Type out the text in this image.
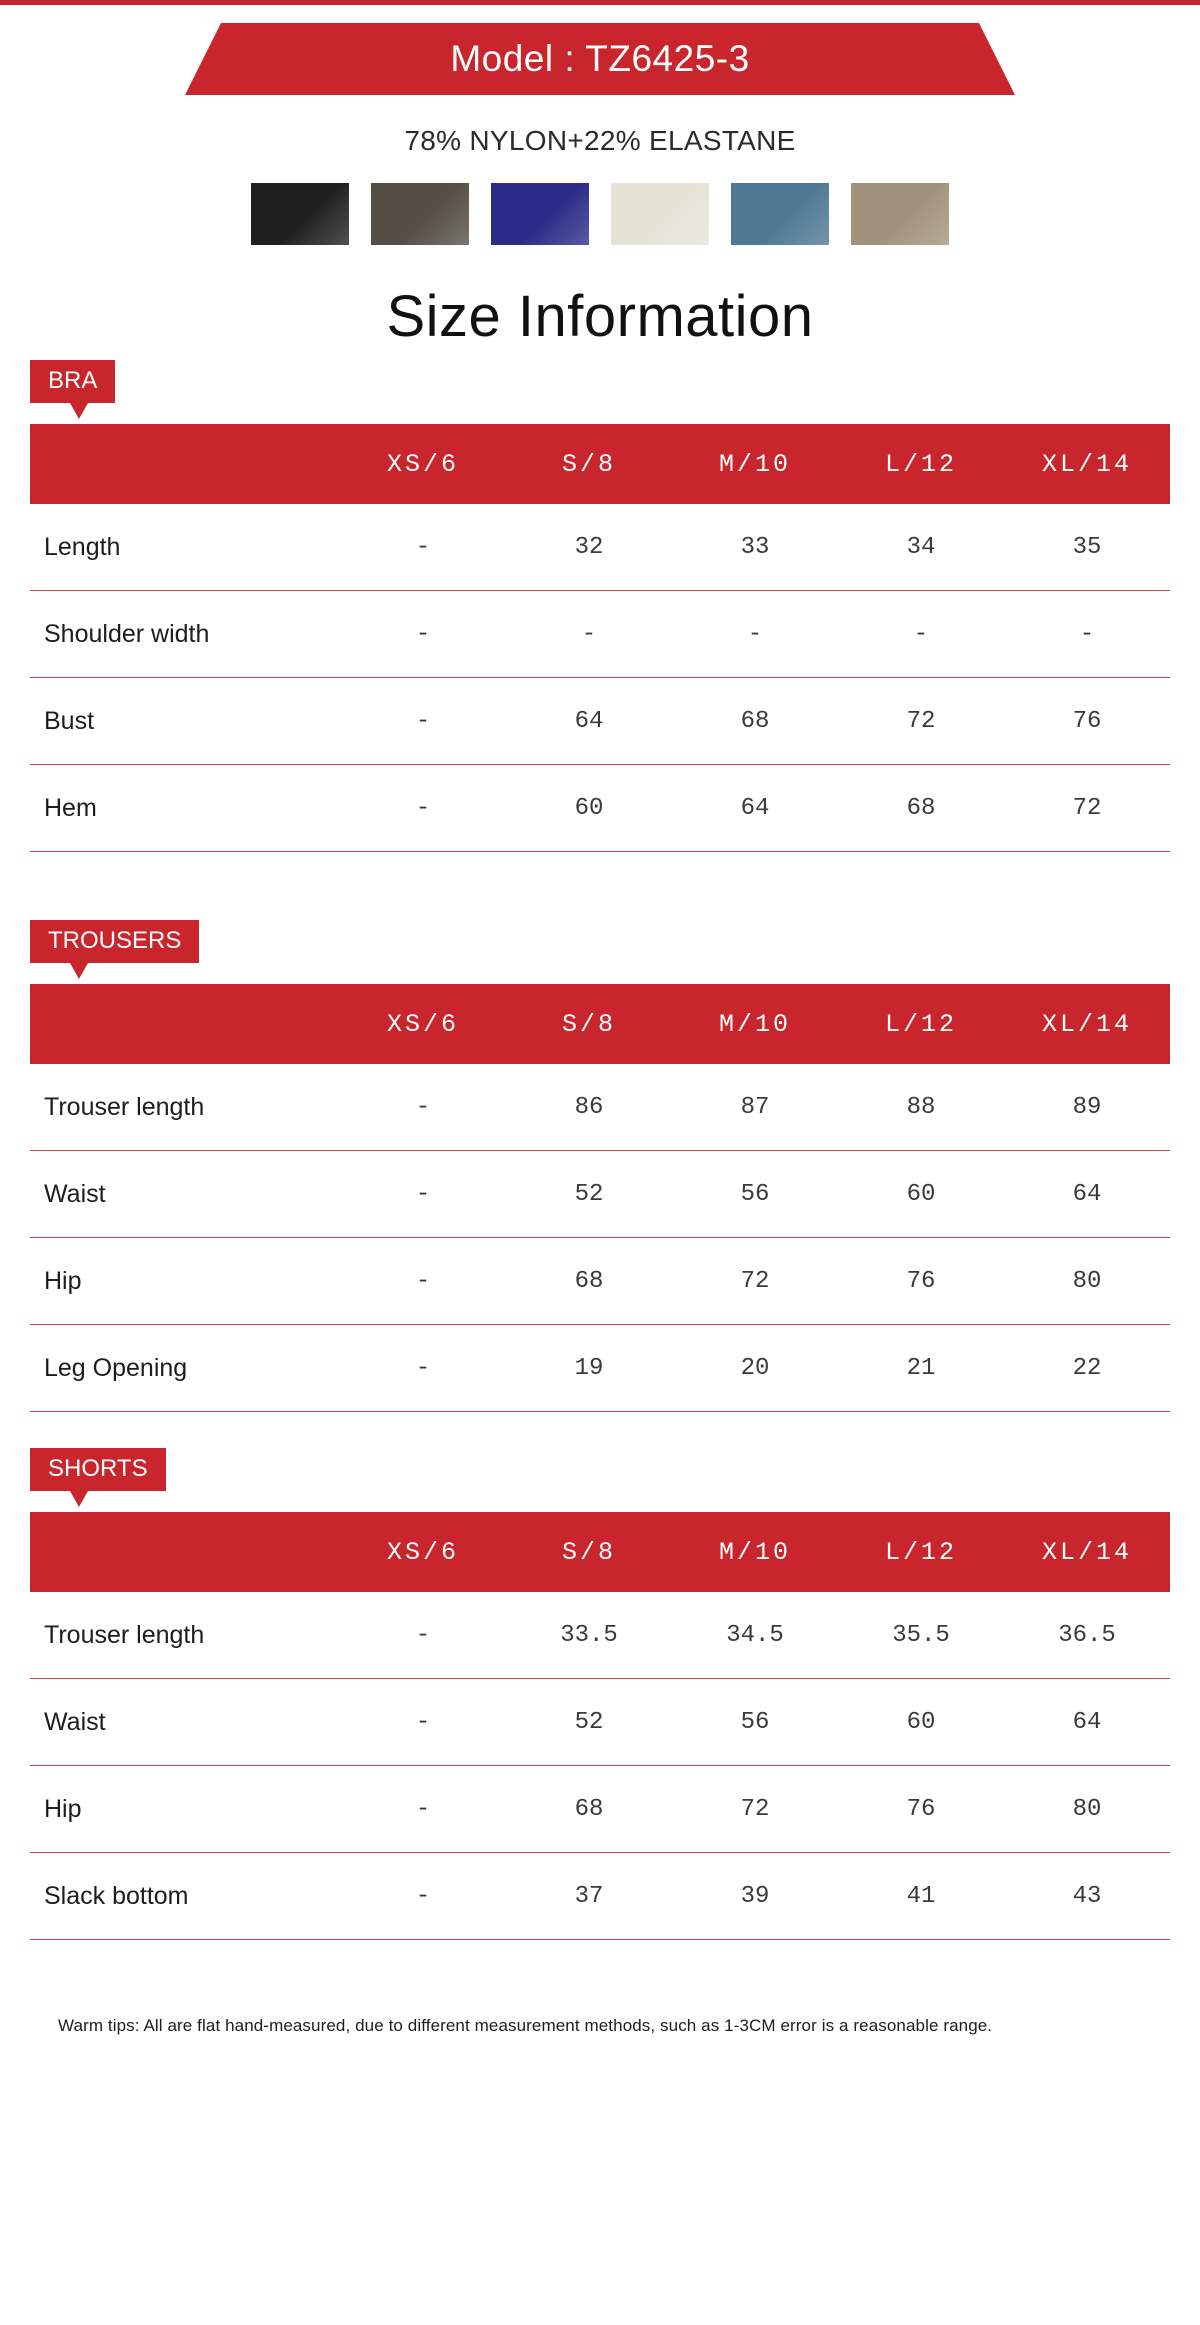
Model : TZ6425-3
78% NYLON+22% ELASTANE
Size Information
BRA
	XS/6	S/8	M/10	L/12	XL/14
Length	-	32	33	34	35
Shoulder width	-	-	-	-	-
Bust	-	64	68	72	76
Hem	-	60	64	68	72
TROUSERS
	XS/6	S/8	M/10	L/12	XL/14
Trouser length	-	86	87	88	89
Waist	-	52	56	60	64
Hip	-	68	72	76	80
Leg Opening	-	19	20	21	22
SHORTS
	XS/6	S/8	M/10	L/12	XL/14
Trouser length	-	33.5	34.5	35.5	36.5
Waist	-	52	56	60	64
Hip	-	68	72	76	80
Slack bottom	-	37	39	41	43
Warm tips: All are flat hand-measured, due to different measurement methods, such as 1-3CM error is a reasonable range.
